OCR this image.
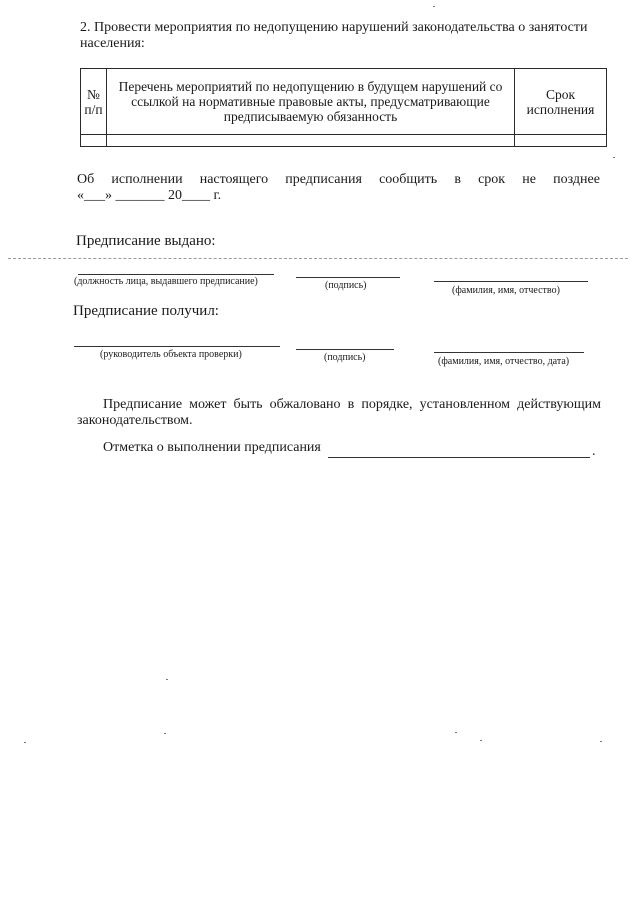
2. Провести мероприятия по недопущению нарушений законодательства о занятости
населения:
№ п/п	Перечень мероприятий по недопущению в будущем нарушений со ссылкой на нормативные правовые акты, предусматривающие предписываемую обязанность	Срок исполнения

Об исполнении настоящего предписания сообщить в срок не позднее
«___» _______ 20____ г.
Предписание выдано:
(должность лица, выдавшего предписание)	(подпись)	(фамилия, имя, отчество)
Предписание получил:
(руководитель объекта проверки)	(подпись)	(фамилия, имя, отчество, дата)
Предписание может быть обжаловано в порядке, установленном действующим
законодательством.
Отметка о выполнении предписания	.
